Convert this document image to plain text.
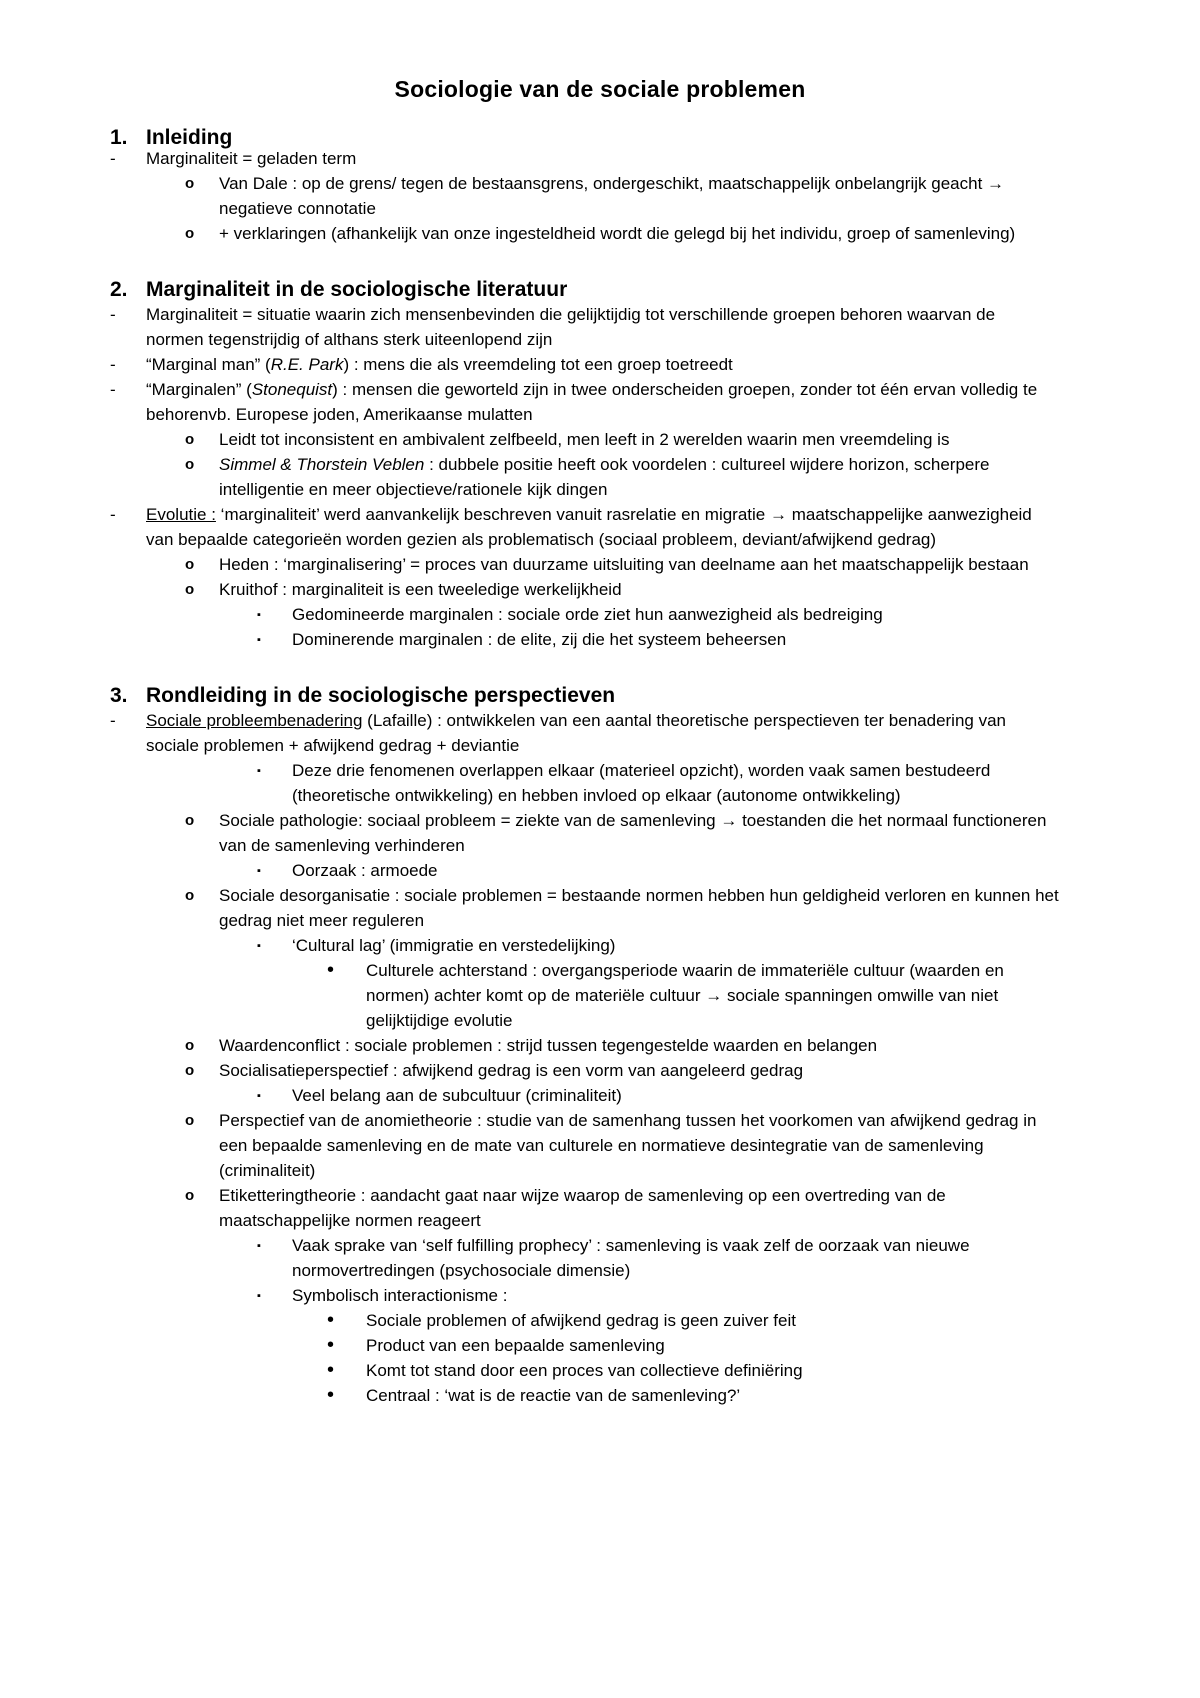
Sociologie van de sociale problemen
1. Inleiding
- Marginaliteit = geladen term
o Van Dale : op de grens/ tegen de bestaansgrens, ondergeschikt, maatschappelijk onbelangrijk geacht →
negatieve connotatie
o + verklaringen (afhankelijk van onze ingesteldheid wordt die gelegd bij het individu, groep of samenleving)
2. Marginaliteit in de sociologische literatuur
- Marginaliteit = situatie waarin zich mensenbevinden die gelijktijdig tot verschillende groepen behoren waarvan de
normen tegenstrijdig of althans sterk uiteenlopend zijn
- “Marginal man” (R.E. Park) : mens die als vreemdeling tot een groep toetreedt
- “Marginalen” (Stonequist) : mensen die geworteld zijn in twee onderscheiden groepen, zonder tot één ervan volledig te
behorenvb. Europese joden, Amerikaanse mulatten
o Leidt tot inconsistent en ambivalent zelfbeeld, men leeft in 2 werelden waarin men vreemdeling is
o Simmel & Thorstein Veblen : dubbele positie heeft ook voordelen : cultureel wijdere horizon, scherpere
intelligentie en meer objectieve/rationele kijk dingen
- Evolutie : ‘marginaliteit’ werd aanvankelijk beschreven vanuit rasrelatie en migratie → maatschappelijke aanwezigheid
van bepaalde categorieën worden gezien als problematisch (sociaal probleem, deviant/afwijkend gedrag)
o Heden : ‘marginalisering’ = proces van duurzame uitsluiting van deelname aan het maatschappelijk bestaan
o Kruithof : marginaliteit is een tweeledige werkelijkheid
▪ Gedomineerde marginalen : sociale orde ziet hun aanwezigheid als bedreiging
▪ Dominerende marginalen : de elite, zij die het systeem beheersen
3. Rondleiding in de sociologische perspectieven
- Sociale probleembenadering (Lafaille) : ontwikkelen van een aantal theoretische perspectieven ter benadering van
sociale problemen + afwijkend gedrag + deviantie
▪ Deze drie fenomenen overlappen elkaar (materieel opzicht), worden vaak samen bestudeerd
(theoretische ontwikkeling) en hebben invloed op elkaar (autonome ontwikkeling)
o Sociale pathologie: sociaal probleem = ziekte van de samenleving → toestanden die het normaal functioneren
van de samenleving verhinderen
▪ Oorzaak : armoede
o Sociale desorganisatie : sociale problemen = bestaande normen hebben hun geldigheid verloren en kunnen het
gedrag niet meer reguleren
▪ ‘Cultural lag’ (immigratie en verstedelijking)
• Culturele achterstand : overgangsperiode waarin de immateriële cultuur (waarden en
normen) achter komt op de materiële cultuur → sociale spanningen omwille van niet
gelijktijdige evolutie
o Waardenconflict : sociale problemen : strijd tussen tegengestelde waarden en belangen
o Socialisatieperspectief : afwijkend gedrag is een vorm van aangeleerd gedrag
▪ Veel belang aan de subcultuur (criminaliteit)
o Perspectief van de anomietheorie : studie van de samenhang tussen het voorkomen van afwijkend gedrag in
een bepaalde samenleving en de mate van culturele en normatieve desintegratie van de samenleving
(criminaliteit)
o Etiketteringtheorie : aandacht gaat naar wijze waarop de samenleving op een overtreding van de
maatschappelijke normen reageert
▪ Vaak sprake van ‘self fulfilling prophecy’ : samenleving is vaak zelf de oorzaak van nieuwe
normovertredingen (psychosociale dimensie)
▪ Symbolisch interactionisme :
• Sociale problemen of afwijkend gedrag is geen zuiver feit
• Product van een bepaalde samenleving
• Komt tot stand door een proces van collectieve definiëring
• Centraal : ‘wat is de reactie van de samenleving?’
